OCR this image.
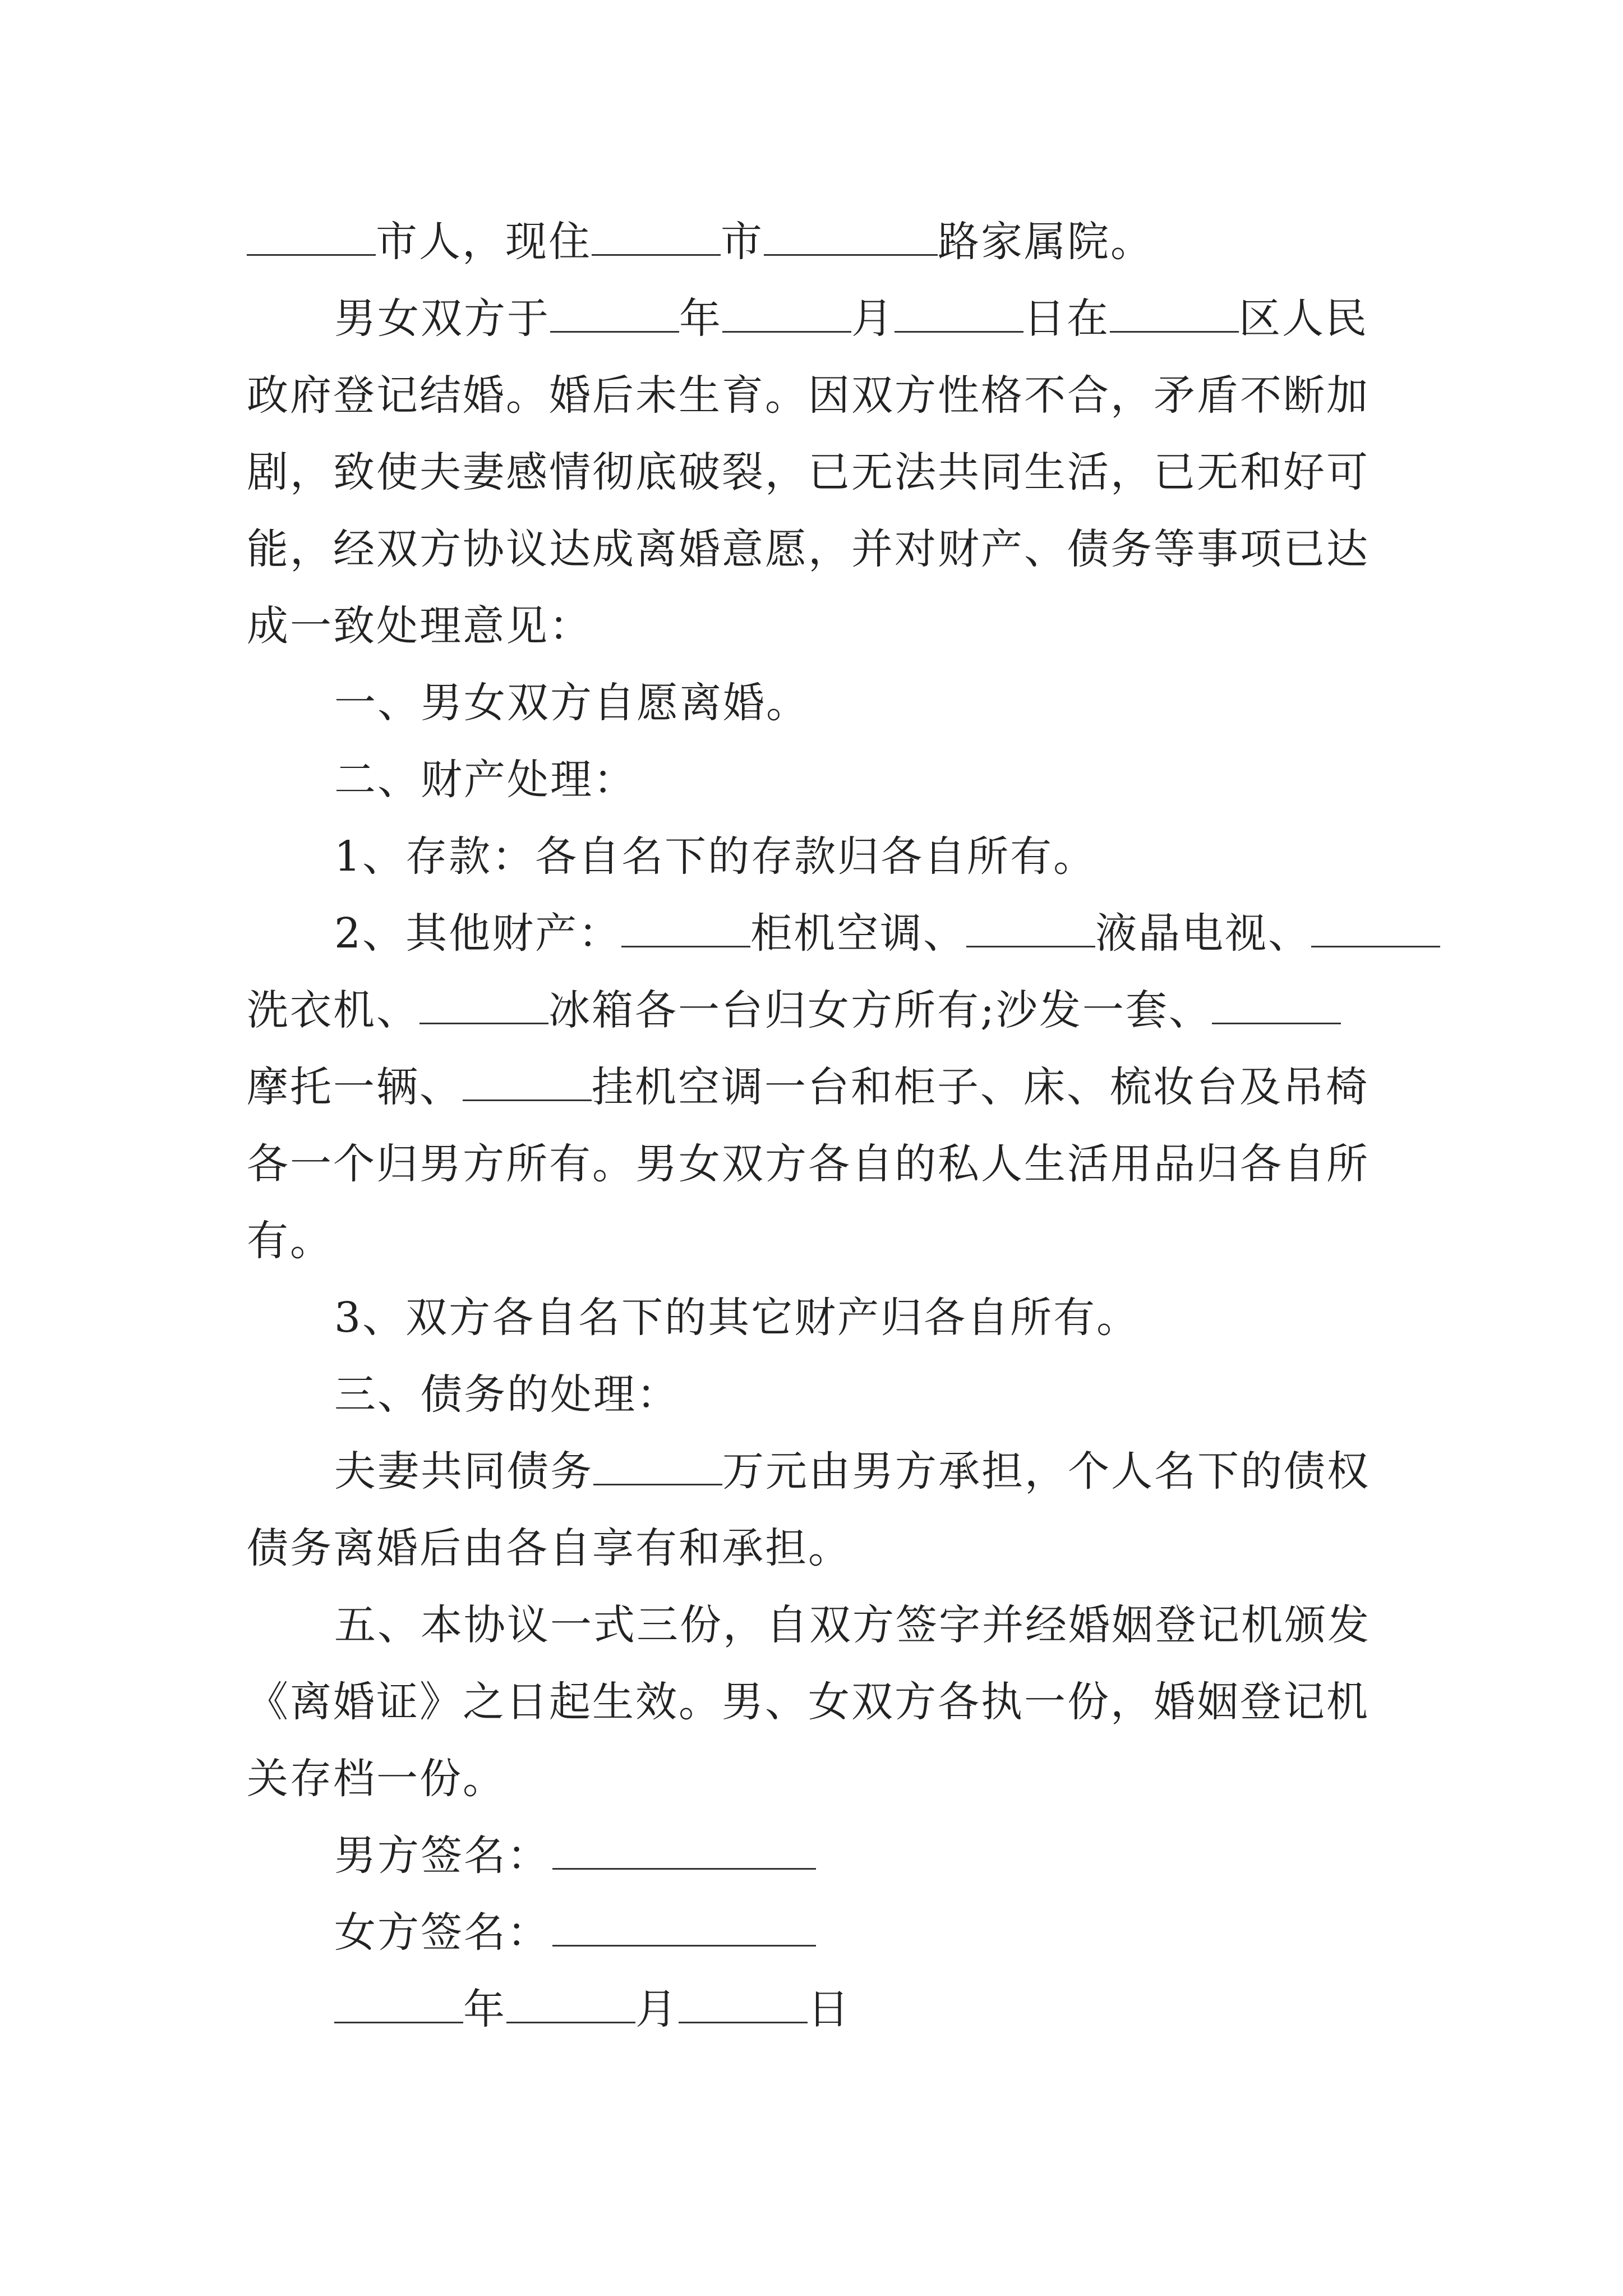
市人，现住	市	路家属院。
男女双方于	年	月	日在	区人民
政府登记结婚。婚后未生育。因双方性格不合，矛盾不断加
剧，致使夫妻感情彻底破裂，已无法共同生活，已无和好可
能，经双方协议达成离婚意愿，并对财产、债务等事项已达
成一致处理意见：
一、男女双方自愿离婚。
二、财产处理：
1、存款：各自名下的存款归各自所有。
2、其他财产：	柜机空调、	液晶电视、
洗衣机、	冰箱各一台归女方所有;沙发一套、
摩托一辆、	挂机空调一台和柜子、床、梳妆台及吊椅
各一个归男方所有。男女双方各自的私人生活用品归各自所
有。
3、双方各自名下的其它财产归各自所有。
三、债务的处理：
夫妻共同债务	万元由男方承担，个人名下的债权
债务离婚后由各自享有和承担。
五、本协议一式三份，自双方签字并经婚姻登记机颁发
《离婚证》之日起生效。男、女双方各执一份，婚姻登记机
关存档一份。
男方签名：
女方签名：
年	月	日
